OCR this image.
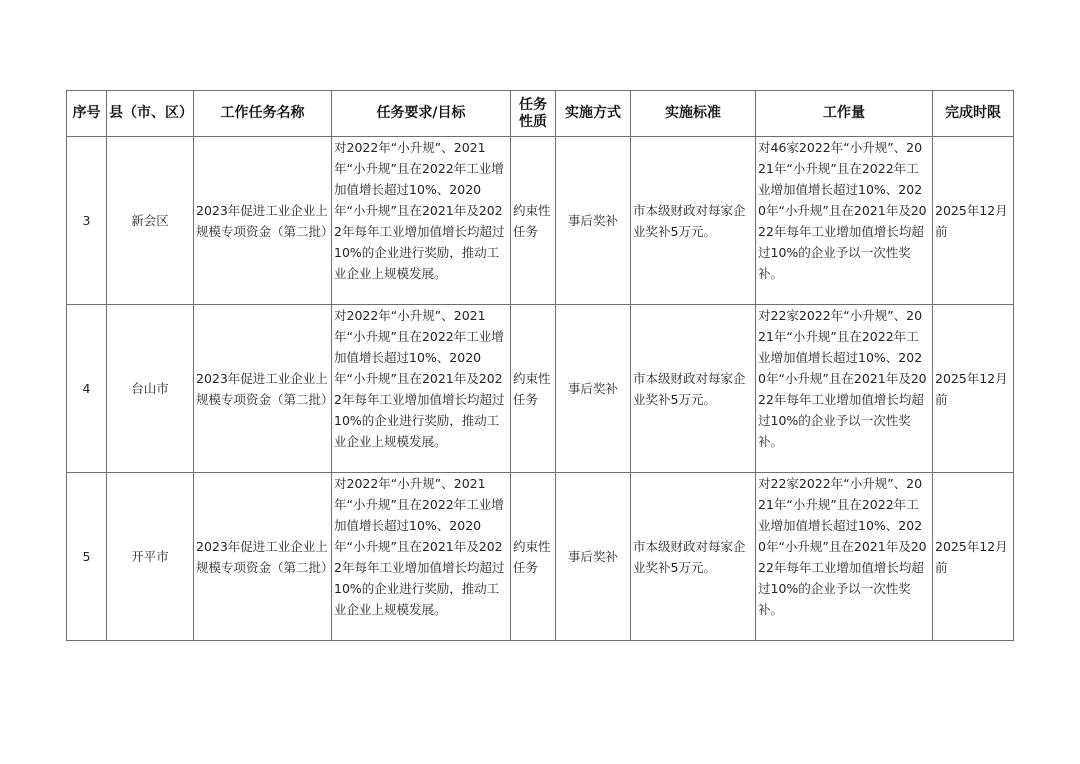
序号	县（市、区）	工作任务名称	任务要求/目标	任务性质	实施方式	实施标准	工作量	完成时限
3	新会区	2023年促进工业企业上规模专项资金（第二批）	对2022年“小升规”、2021年“小升规”且在2022年工业增加值增长超过10%、2020年“小升规”且在2021年及2022年每年工业增加值增长均超过10%的企业进行奖励，推动工业企业上规模发展。	约束性任务	事后奖补	市本级财政对每家企业奖补5万元。	对46家2022年“小升规”、2021年“小升规”且在2022年工业增加值增长超过10%、2020年“小升规”且在2021年及2022年每年工业增加值增长均超过10%的企业予以一次性奖补。	2025年12月前
4	台山市	2023年促进工业企业上规模专项资金（第二批）	对2022年“小升规”、2021年“小升规”且在2022年工业增加值增长超过10%、2020年“小升规”且在2021年及2022年每年工业增加值增长均超过10%的企业进行奖励，推动工业企业上规模发展。	约束性任务	事后奖补	市本级财政对每家企业奖补5万元。	对22家2022年“小升规”、2021年“小升规”且在2022年工业增加值增长超过10%、2020年“小升规”且在2021年及2022年每年工业增加值增长均超过10%的企业予以一次性奖补。	2025年12月前
5	开平市	2023年促进工业企业上规模专项资金（第二批）	对2022年“小升规”、2021年“小升规”且在2022年工业增加值增长超过10%、2020年“小升规”且在2021年及2022年每年工业增加值增长均超过10%的企业进行奖励，推动工业企业上规模发展。	约束性任务	事后奖补	市本级财政对每家企业奖补5万元。	对22家2022年“小升规”、2021年“小升规”且在2022年工业增加值增长超过10%、2020年“小升规”且在2021年及2022年每年工业增加值增长均超过10%的企业予以一次性奖补。	2025年12月前
